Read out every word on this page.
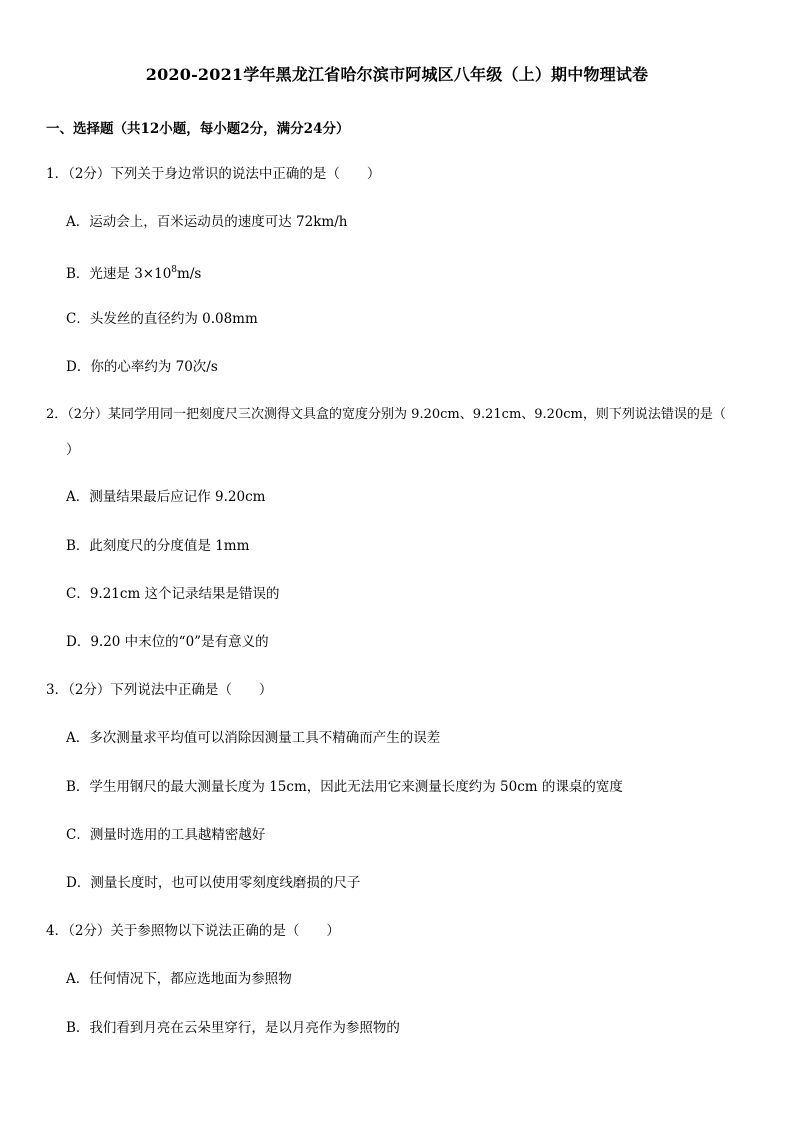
2020-2021学年黑龙江省哈尔滨市阿城区八年级（上）期中物理试卷
一、选择题（共12小题，每小题2分，满分24分）
1．（2分）下列关于身边常识的说法中正确的是（　　）
A．运动会上，百米运动员的速度可达 72km/h
B．光速是 $3\times 10^8m/s$
C．头发丝的直径约为 0.08mm
D．你的心率约为 70次/s
2．（2分）某同学用同一把刻度尺三次测得文具盒的宽度分别为 9.20cm、9.21cm、9.20cm，则下列说法错误的是（
）
A．测量结果最后应记作 9.20cm
B．此刻度尺的分度值是 1mm
C．9.21cm 这个记录结果是错误的
D．9.20 中末位的“0”是有意义的
3．（2分）下列说法中正确是（　　）
A．多次测量求平均值可以消除因测量工具不精确而产生的误差
B．学生用钢尺的最大测量长度为 15cm，因此无法用它来测量长度约为 50cm 的课桌的宽度
C．测量时选用的工具越精密越好
D．测量长度时，也可以使用零刻度线磨损的尺子
4．（2分）关于参照物以下说法正确的是（　　）
A．任何情况下，都应选地面为参照物
B．我们看到月亮在云朵里穿行，是以月亮作为参照物的
